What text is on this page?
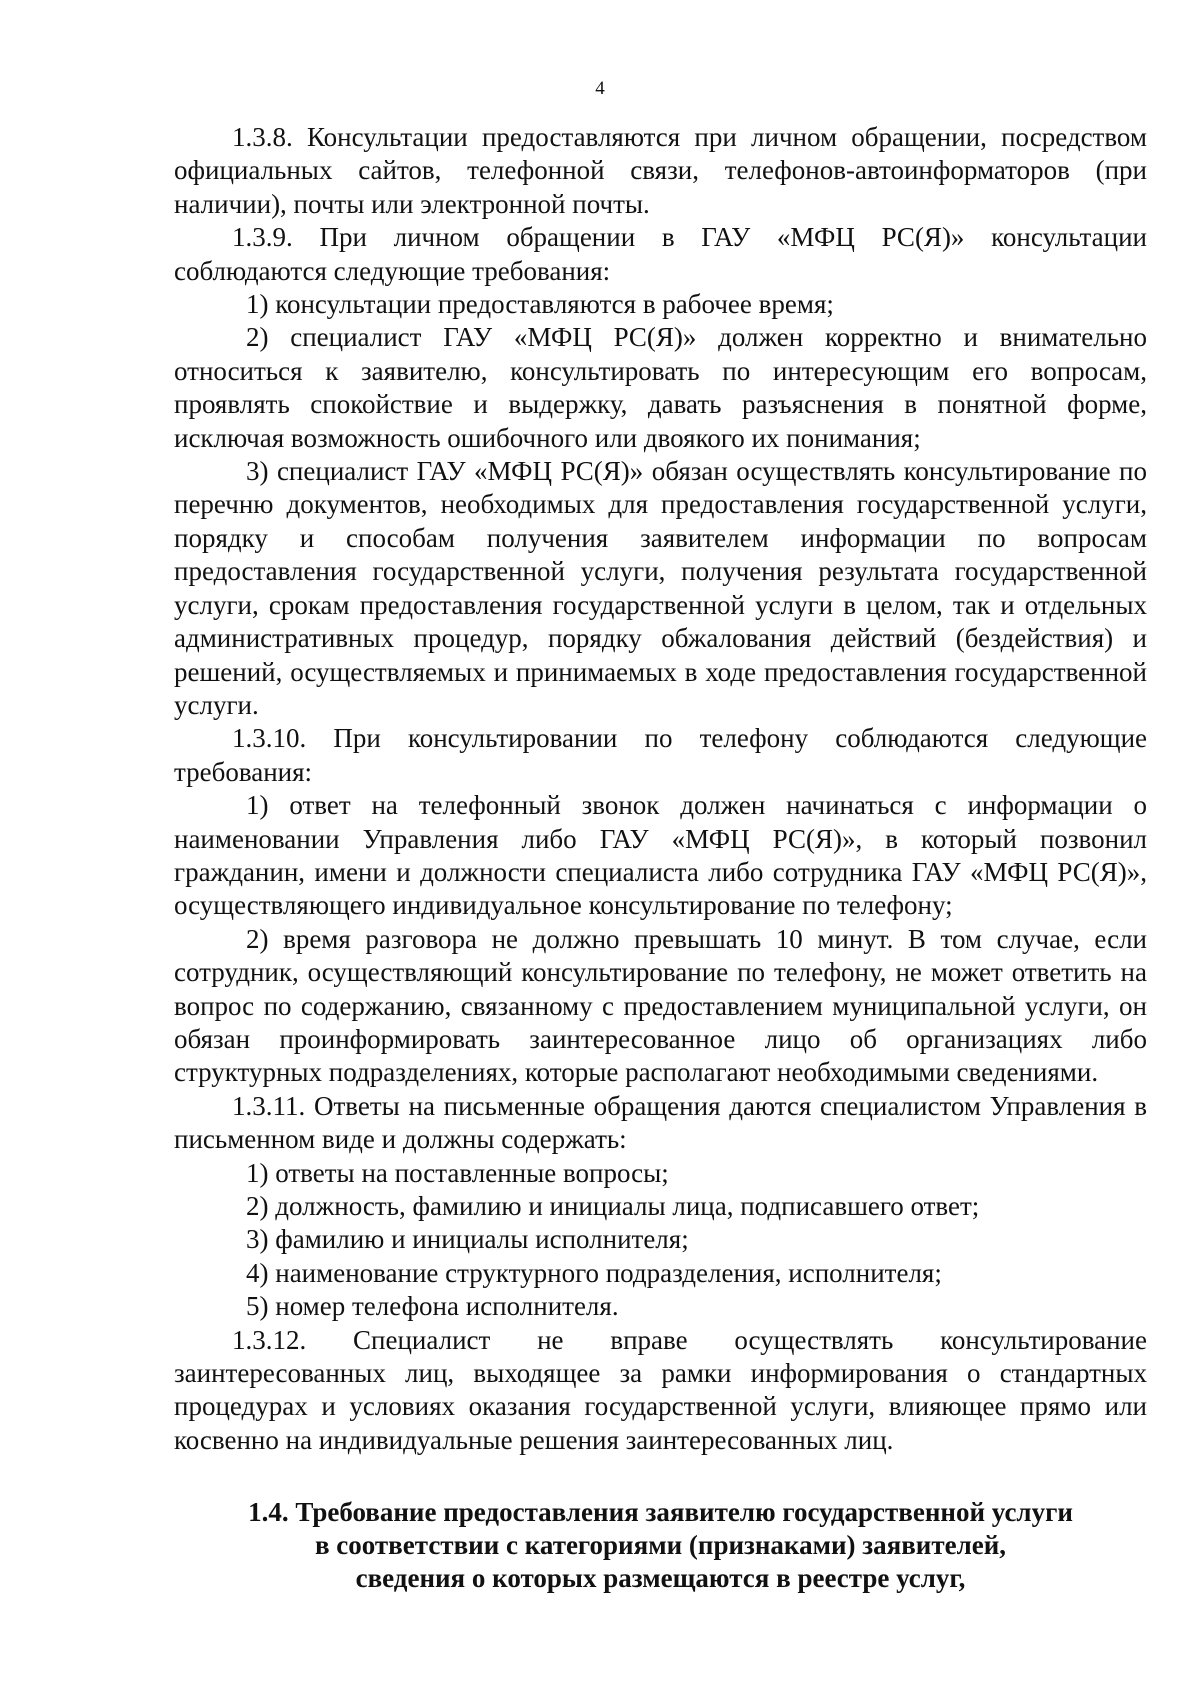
4

1.3.8. Консультации предоставляются при личном обращении, посредством официальных сайтов, телефонной связи, телефонов-автоинформаторов (при наличии), почты или электронной почты.

1.3.9. При личном обращении в ГАУ «МФЦ РС(Я)» консультации соблюдаются следующие требования:

1) консультации предоставляются в рабочее время;

2) специалист ГАУ «МФЦ РС(Я)» должен корректно и внимательно относиться к заявителю, консультировать по интересующим его вопросам, проявлять спокойствие и выдержку, давать разъяснения в понятной форме, исключая возможность ошибочного или двоякого их понимания;

3) специалист ГАУ «МФЦ РС(Я)» обязан осуществлять консультирование по перечню документов, необходимых для предоставления государственной услуги, порядку и способам получения заявителем информации по вопросам предоставления государственной услуги, получения результата государственной услуги, срокам предоставления государственной услуги в целом, так и отдельных административных процедур, порядку обжалования действий (бездействия) и решений, осуществляемых и принимаемых в ходе предоставления государственной услуги.

1.3.10. При консультировании по телефону соблюдаются следующие требования:

1) ответ на телефонный звонок должен начинаться с информации о наименовании Управления либо ГАУ «МФЦ РС(Я)», в который позвонил гражданин, имени и должности специалиста либо сотрудника ГАУ «МФЦ РС(Я)», осуществляющего индивидуальное консультирование по телефону;

2) время разговора не должно превышать 10 минут. В том случае, если сотрудник, осуществляющий консультирование по телефону, не может ответить на вопрос по содержанию, связанному с предоставлением муниципальной услуги, он обязан проинформировать заинтересованное лицо об организациях либо структурных подразделениях, которые располагают необходимыми сведениями.

1.3.11. Ответы на письменные обращения даются специалистом Управления в письменном виде и должны содержать:

1) ответы на поставленные вопросы;

2) должность, фамилию и инициалы лица, подписавшего ответ;

3) фамилию и инициалы исполнителя;

4) наименование структурного подразделения, исполнителя;

5) номер телефона исполнителя.

1.3.12. Специалист не вправе осуществлять консультирование заинтересованных лиц, выходящее за рамки информирования о стандартных процедурах и условиях оказания государственной услуги, влияющее прямо или косвенно на индивидуальные решения заинтересованных лиц.

1.4. Требование предоставления заявителю государственной услуги
в соответствии с категориями (признаками) заявителей,
сведения о которых размещаются в реестре услуг,
